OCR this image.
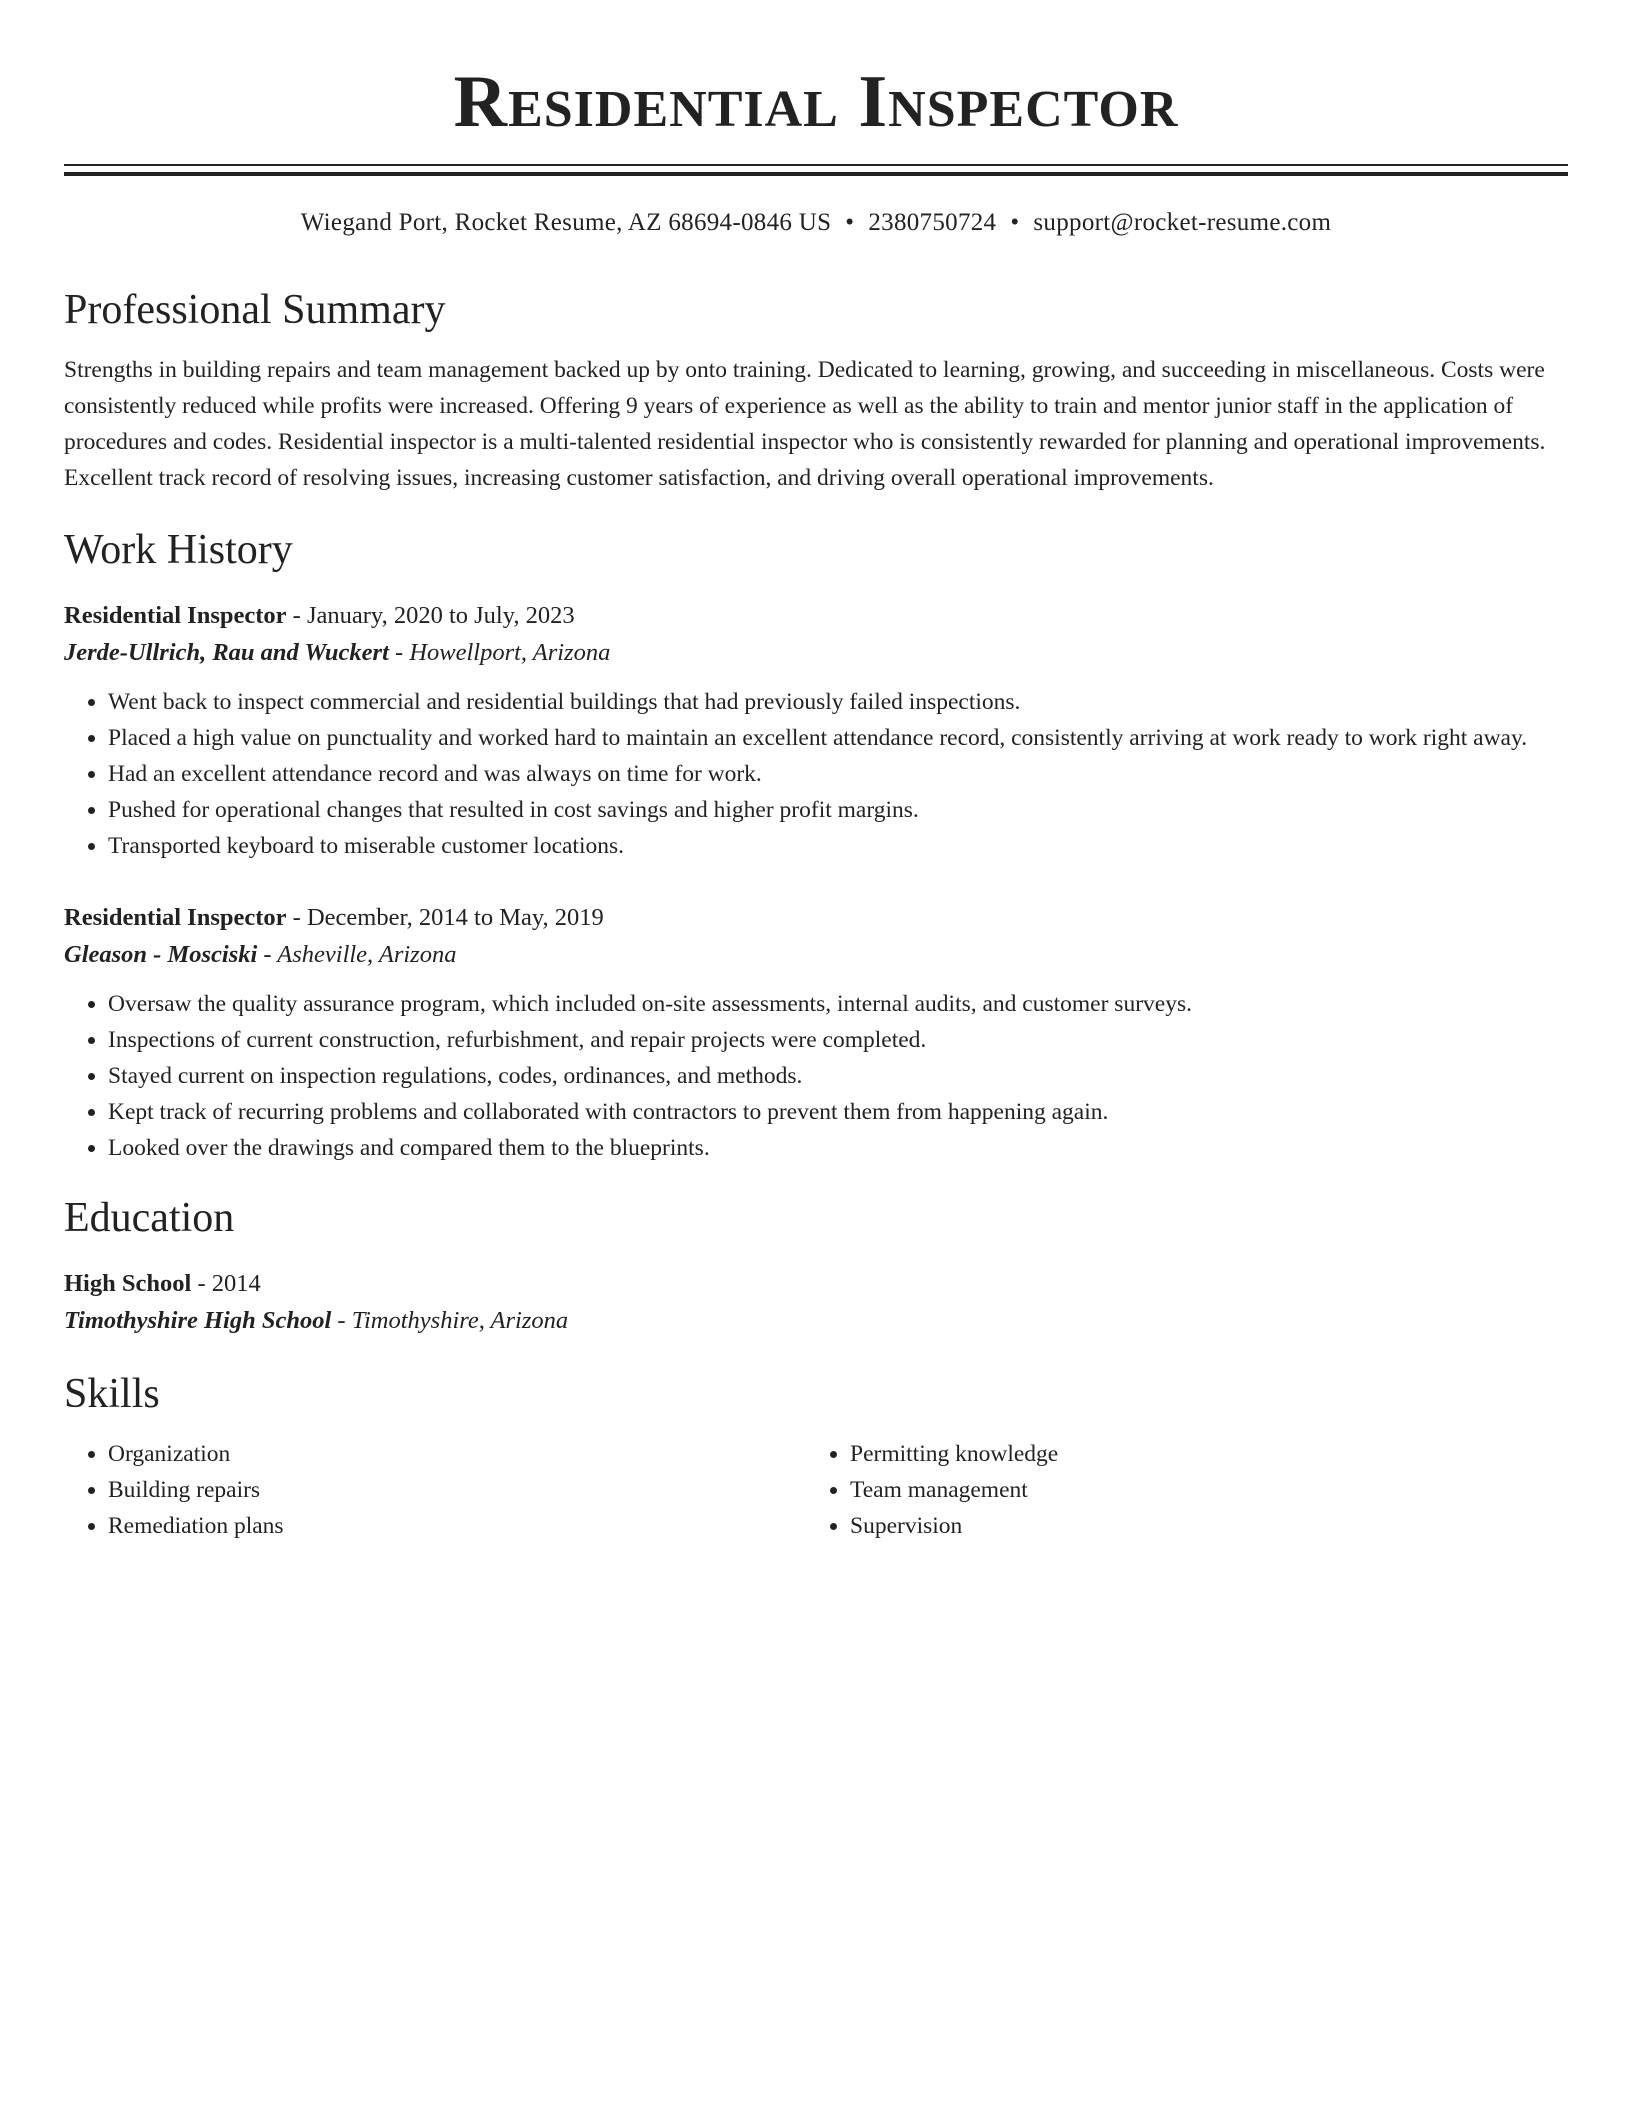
Residential Inspector
Wiegand Port, Rocket Resume, AZ 68694-0846 US • 2380750724 • support@rocket-resume.com
Professional Summary
Strengths in building repairs and team management backed up by onto training. Dedicated to learning, growing, and succeeding in miscellaneous. Costs were consistently reduced while profits were increased. Offering 9 years of experience as well as the ability to train and mentor junior staff in the application of procedures and codes. Residential inspector is a multi-talented residential inspector who is consistently rewarded for planning and operational improvements. Excellent track record of resolving issues, increasing customer satisfaction, and driving overall operational improvements.
Work History
Residential Inspector - January, 2020 to July, 2023
Jerde-Ullrich, Rau and Wuckert - Howellport, Arizona
• Went back to inspect commercial and residential buildings that had previously failed inspections.
• Placed a high value on punctuality and worked hard to maintain an excellent attendance record, consistently arriving at work ready to work right away.
• Had an excellent attendance record and was always on time for work.
• Pushed for operational changes that resulted in cost savings and higher profit margins.
• Transported keyboard to miserable customer locations.
Residential Inspector - December, 2014 to May, 2019
Gleason - Mosciski - Asheville, Arizona
• Oversaw the quality assurance program, which included on-site assessments, internal audits, and customer surveys.
• Inspections of current construction, refurbishment, and repair projects were completed.
• Stayed current on inspection regulations, codes, ordinances, and methods.
• Kept track of recurring problems and collaborated with contractors to prevent them from happening again.
• Looked over the drawings and compared them to the blueprints.
Education
High School - 2014
Timothyshire High School - Timothyshire, Arizona
Skills
• Organization
• Building repairs
• Remediation plans
• Permitting knowledge
• Team management
• Supervision
